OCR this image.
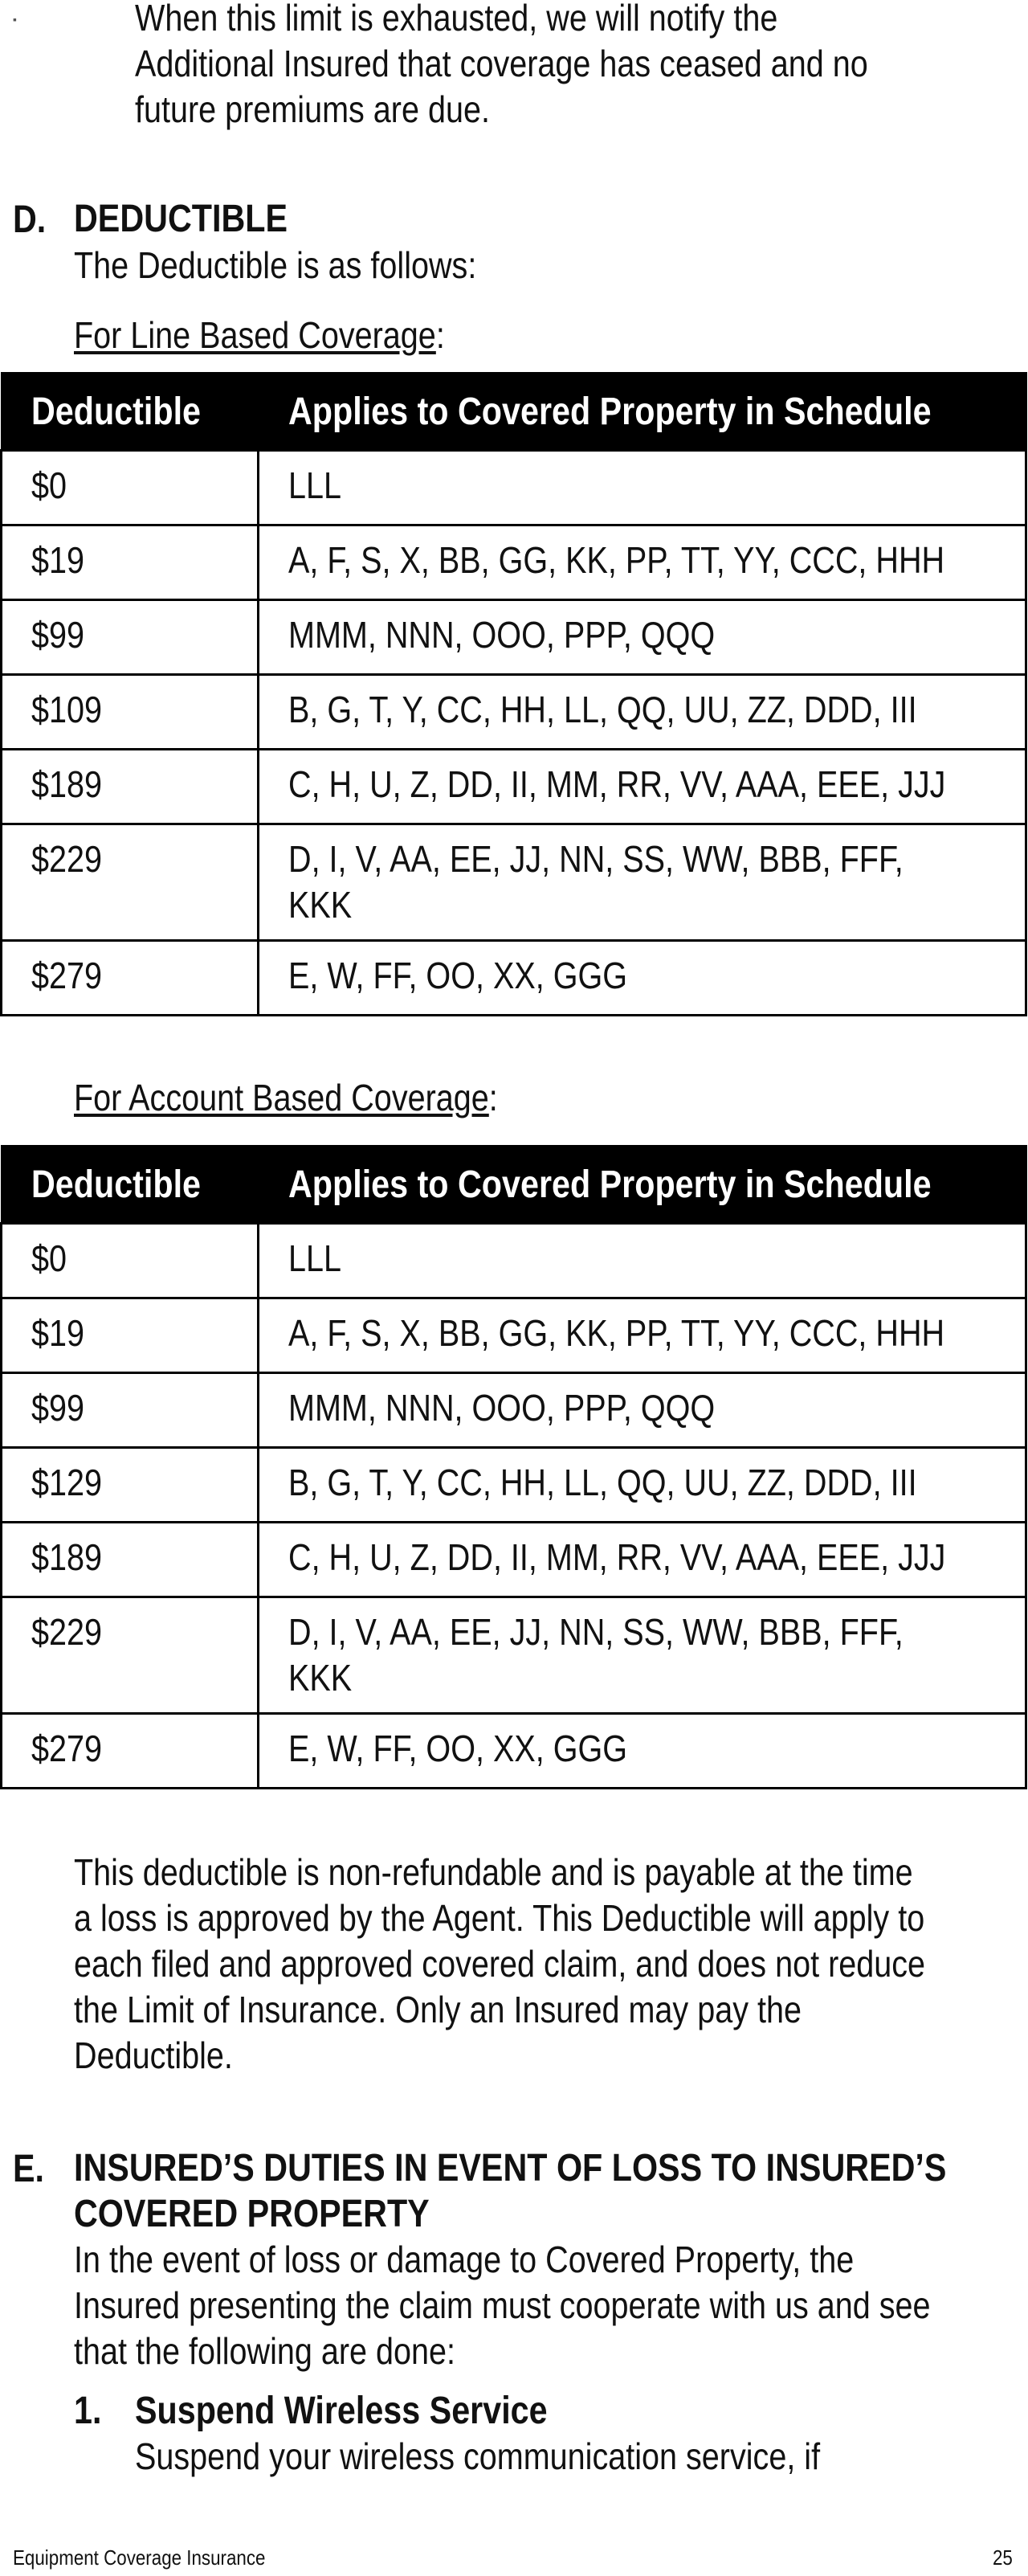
▪	When this limit is exhausted, we will notify the
Additional Insured that coverage has ceased and no
future premiums are due.
D. DEDUCTIBLE
The Deductible is as follows:
For Line Based Coverage:
Deductible	Applies to Covered Property in Schedule

$0	LLL

$19	A, F, S, X, BB, GG, KK, PP, TT, YY, CCC, HHH

$99	MMM, NNN, OOO, PPP, QQQ

$109	B, G, T, Y, CC, HH, LL, QQ, UU, ZZ, DDD, III

$189	C, H, U, Z, DD, II, MM, RR, VV, AAA, EEE, JJJ

$229	D, I, V, AA, EE, JJ, NN, SS, WW, BBB, FFF, KKK

$279	E, W, FF, OO, XX, GGG
For Account Based Coverage:
Deductible	Applies to Covered Property in Schedule

$0	LLL

$19	A, F, S, X, BB, GG, KK, PP, TT, YY, CCC, HHH

$99	MMM, NNN, OOO, PPP, QQQ

$129	B, G, T, Y, CC, HH, LL, QQ, UU, ZZ, DDD, III

$189	C, H, U, Z, DD, II, MM, RR, VV, AAA, EEE, JJJ

$229	D, I, V, AA, EE, JJ, NN, SS, WW, BBB, FFF, KKK

$279	E, W, FF, OO, XX, GGG
This deductible is non-refundable and is payable at the time
a loss is approved by the Agent. This Deductible will apply to
each filed and approved covered claim, and does not reduce
the Limit of Insurance. Only an Insured may pay the
Deductible.
E. INSURED’S DUTIES IN EVENT OF LOSS TO INSURED’S
COVERED PROPERTY
In the event of loss or damage to Covered Property, the
Insured presenting the claim must cooperate with us and see
that the following are done:
1. Suspend Wireless Service
Suspend your wireless communication service, if
Equipment Coverage Insurance	25
